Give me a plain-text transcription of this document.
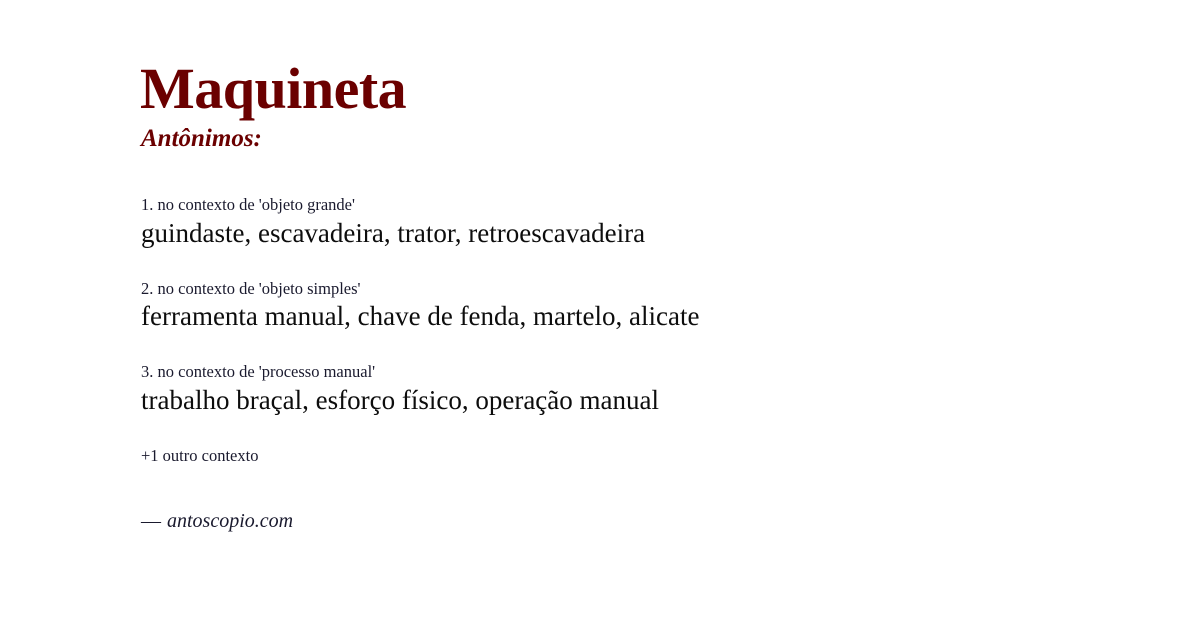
Maquineta
Antônimos:
1. no contexto de 'objeto grande'
guindaste, escavadeira, trator, retroescavadeira
2. no contexto de 'objeto simples'
ferramenta manual, chave de fenda, martelo, alicate
3. no contexto de 'processo manual'
trabalho braçal, esforço físico, operação manual
+1 outro contexto
— antoscopio.com
